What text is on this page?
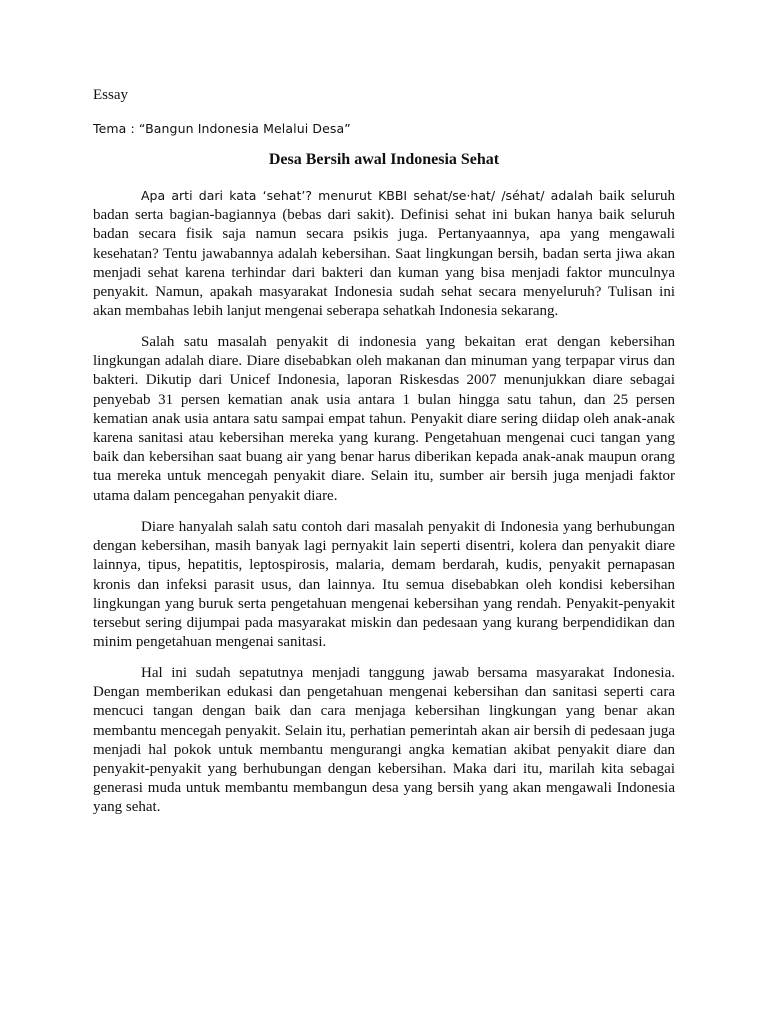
Essay
Tema : “Bangun Indonesia Melalui Desa”
Desa Bersih awal Indonesia Sehat

Apa arti dari kata ‘sehat’? menurut KBBI sehat/se·hat/ /séhat/ adalah baik seluruh badan serta bagian-bagiannya (bebas dari sakit). Definisi sehat ini bukan hanya baik seluruh badan secara fisik saja namun secara psikis juga. Pertanyaannya, apa yang mengawali kesehatan? Tentu jawabannya adalah kebersihan. Saat lingkungan bersih, badan serta jiwa akan menjadi sehat karena terhindar dari bakteri dan kuman yang bisa menjadi faktor munculnya penyakit. Namun, apakah masyarakat Indonesia sudah sehat secara menyeluruh? Tulisan ini akan membahas lebih lanjut mengenai seberapa sehatkah Indonesia sekarang.

Salah satu masalah penyakit di indonesia yang bekaitan erat dengan kebersihan lingkungan adalah diare. Diare disebabkan oleh makanan dan minuman yang terpapar virus dan bakteri. Dikutip dari Unicef Indonesia, laporan Riskesdas 2007 menunjukkan diare sebagai penyebab 31 persen kematian anak usia antara 1 bulan hingga satu tahun, dan 25 persen kematian anak usia antara satu sampai empat tahun. Penyakit diare sering diidap oleh anak-anak karena sanitasi atau kebersihan mereka yang kurang. Pengetahuan mengenai cuci tangan yang baik dan kebersihan saat buang air yang benar harus diberikan kepada anak-anak maupun orang tua mereka untuk mencegah penyakit diare. Selain itu, sumber air bersih juga menjadi faktor utama dalam pencegahan penyakit diare.

Diare hanyalah salah satu contoh dari masalah penyakit di Indonesia yang berhubungan dengan kebersihan, masih banyak lagi pernyakit lain seperti disentri, kolera dan penyakit diare lainnya, tipus, hepatitis, leptospirosis, malaria, demam berdarah, kudis, penyakit pernapasan kronis dan infeksi parasit usus, dan lainnya. Itu semua disebabkan oleh kondisi kebersihan lingkungan yang buruk serta pengetahuan mengenai kebersihan yang rendah. Penyakit-penyakit tersebut sering dijumpai pada masyarakat miskin dan pedesaan yang kurang berpendidikan dan minim pengetahuan mengenai sanitasi.

Hal ini sudah sepatutnya menjadi tanggung jawab bersama masyarakat Indonesia. Dengan memberikan edukasi dan pengetahuan mengenai kebersihan dan sanitasi seperti cara mencuci tangan dengan baik dan cara menjaga kebersihan lingkungan yang benar akan membantu mencegah penyakit. Selain itu, perhatian pemerintah akan air bersih di pedesaan juga menjadi hal pokok untuk membantu mengurangi angka kematian akibat penyakit diare dan penyakit-penyakit yang berhubungan dengan kebersihan. Maka dari itu, marilah kita sebagai generasi muda untuk membantu membangun desa yang bersih yang akan mengawali Indonesia yang sehat.
